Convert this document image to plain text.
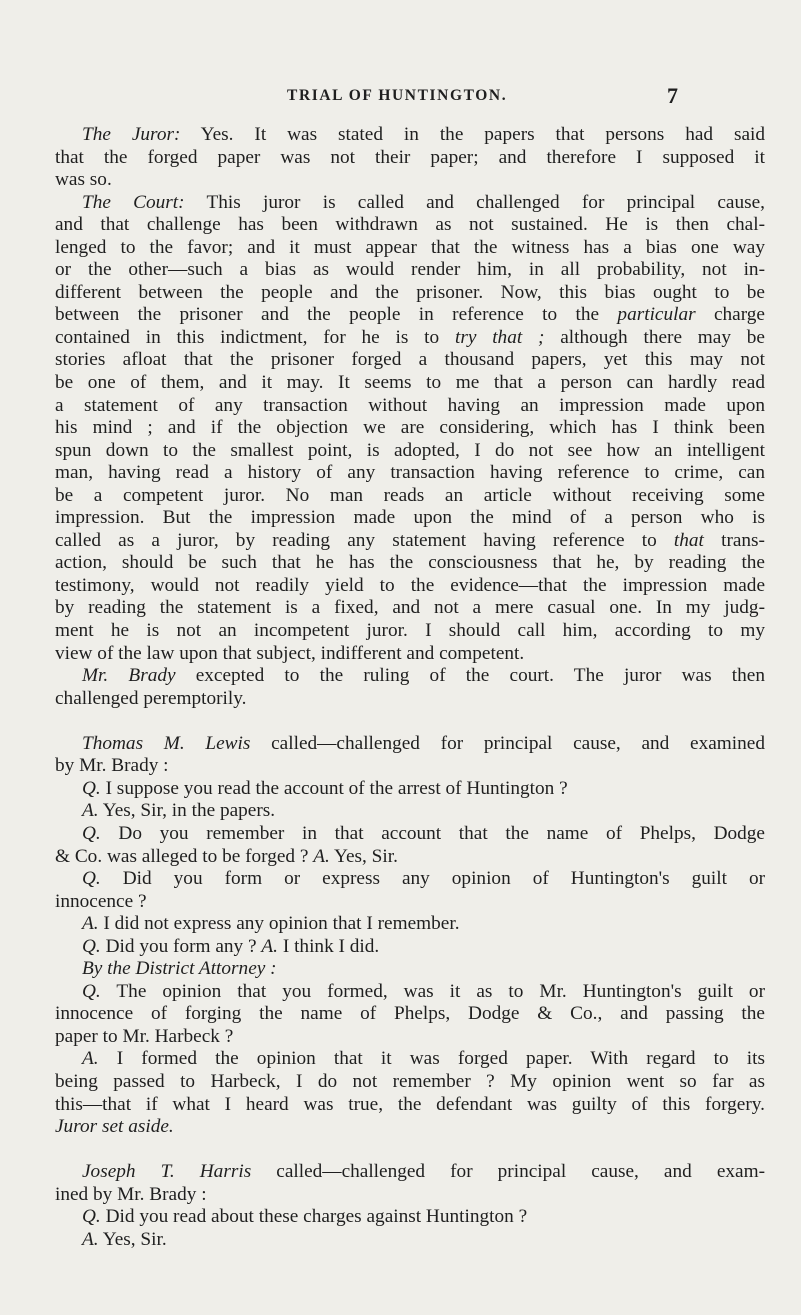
TRIAL OF HUNTINGTON.	7
The Juror: Yes. It was stated in the papers that persons had said
that the forged paper was not their paper; and therefore I supposed it
was so.
The Court: This juror is called and challenged for principal cause,
and that challenge has been withdrawn as not sustained. He is then chal-
lenged to the favor; and it must appear that the witness has a bias one way
or the other—such a bias as would render him, in all probability, not in-
different between the people and the prisoner. Now, this bias ought to be
between the prisoner and the people in reference to the particular charge
contained in this indictment, for he is to try that ; although there may be
stories afloat that the prisoner forged a thousand papers, yet this may not
be one of them, and it may. It seems to me that a person can hardly read
a statement of any transaction without having an impression made upon
his mind ; and if the objection we are considering, which has I think been
spun down to the smallest point, is adopted, I do not see how an intelligent
man, having read a history of any transaction having reference to crime, can
be a competent juror. No man reads an article without receiving some
impression. But the impression made upon the mind of a person who is
called as a juror, by reading any statement having reference to that trans-
action, should be such that he has the consciousness that he, by reading the
testimony, would not readily yield to the evidence—that the impression made
by reading the statement is a fixed, and not a mere casual one. In my judg-
ment he is not an incompetent juror. I should call him, according to my
view of the law upon that subject, indifferent and competent.
Mr. Brady excepted to the ruling of the court. The juror was then
challenged peremptorily.
Thomas M. Lewis called—challenged for principal cause, and examined
by Mr. Brady :
Q. I suppose you read the account of the arrest of Huntington ?
A. Yes, Sir, in the papers.
Q. Do you remember in that account that the name of Phelps, Dodge
& Co. was alleged to be forged ? A. Yes, Sir.
Q. Did you form or express any opinion of Huntington's guilt or
innocence ?
A. I did not express any opinion that I remember.
Q. Did you form any ? A. I think I did.
By the District Attorney :
Q. The opinion that you formed, was it as to Mr. Huntington's guilt or
innocence of forging the name of Phelps, Dodge & Co., and passing the
paper to Mr. Harbeck ?
A. I formed the opinion that it was forged paper. With regard to its
being passed to Harbeck, I do not remember ? My opinion went so far as
this—that if what I heard was true, the defendant was guilty of this forgery.
Juror set aside.
Joseph T. Harris called—challenged for principal cause, and exam-
ined by Mr. Brady :
Q. Did you read about these charges against Huntington ?
A. Yes, Sir.
